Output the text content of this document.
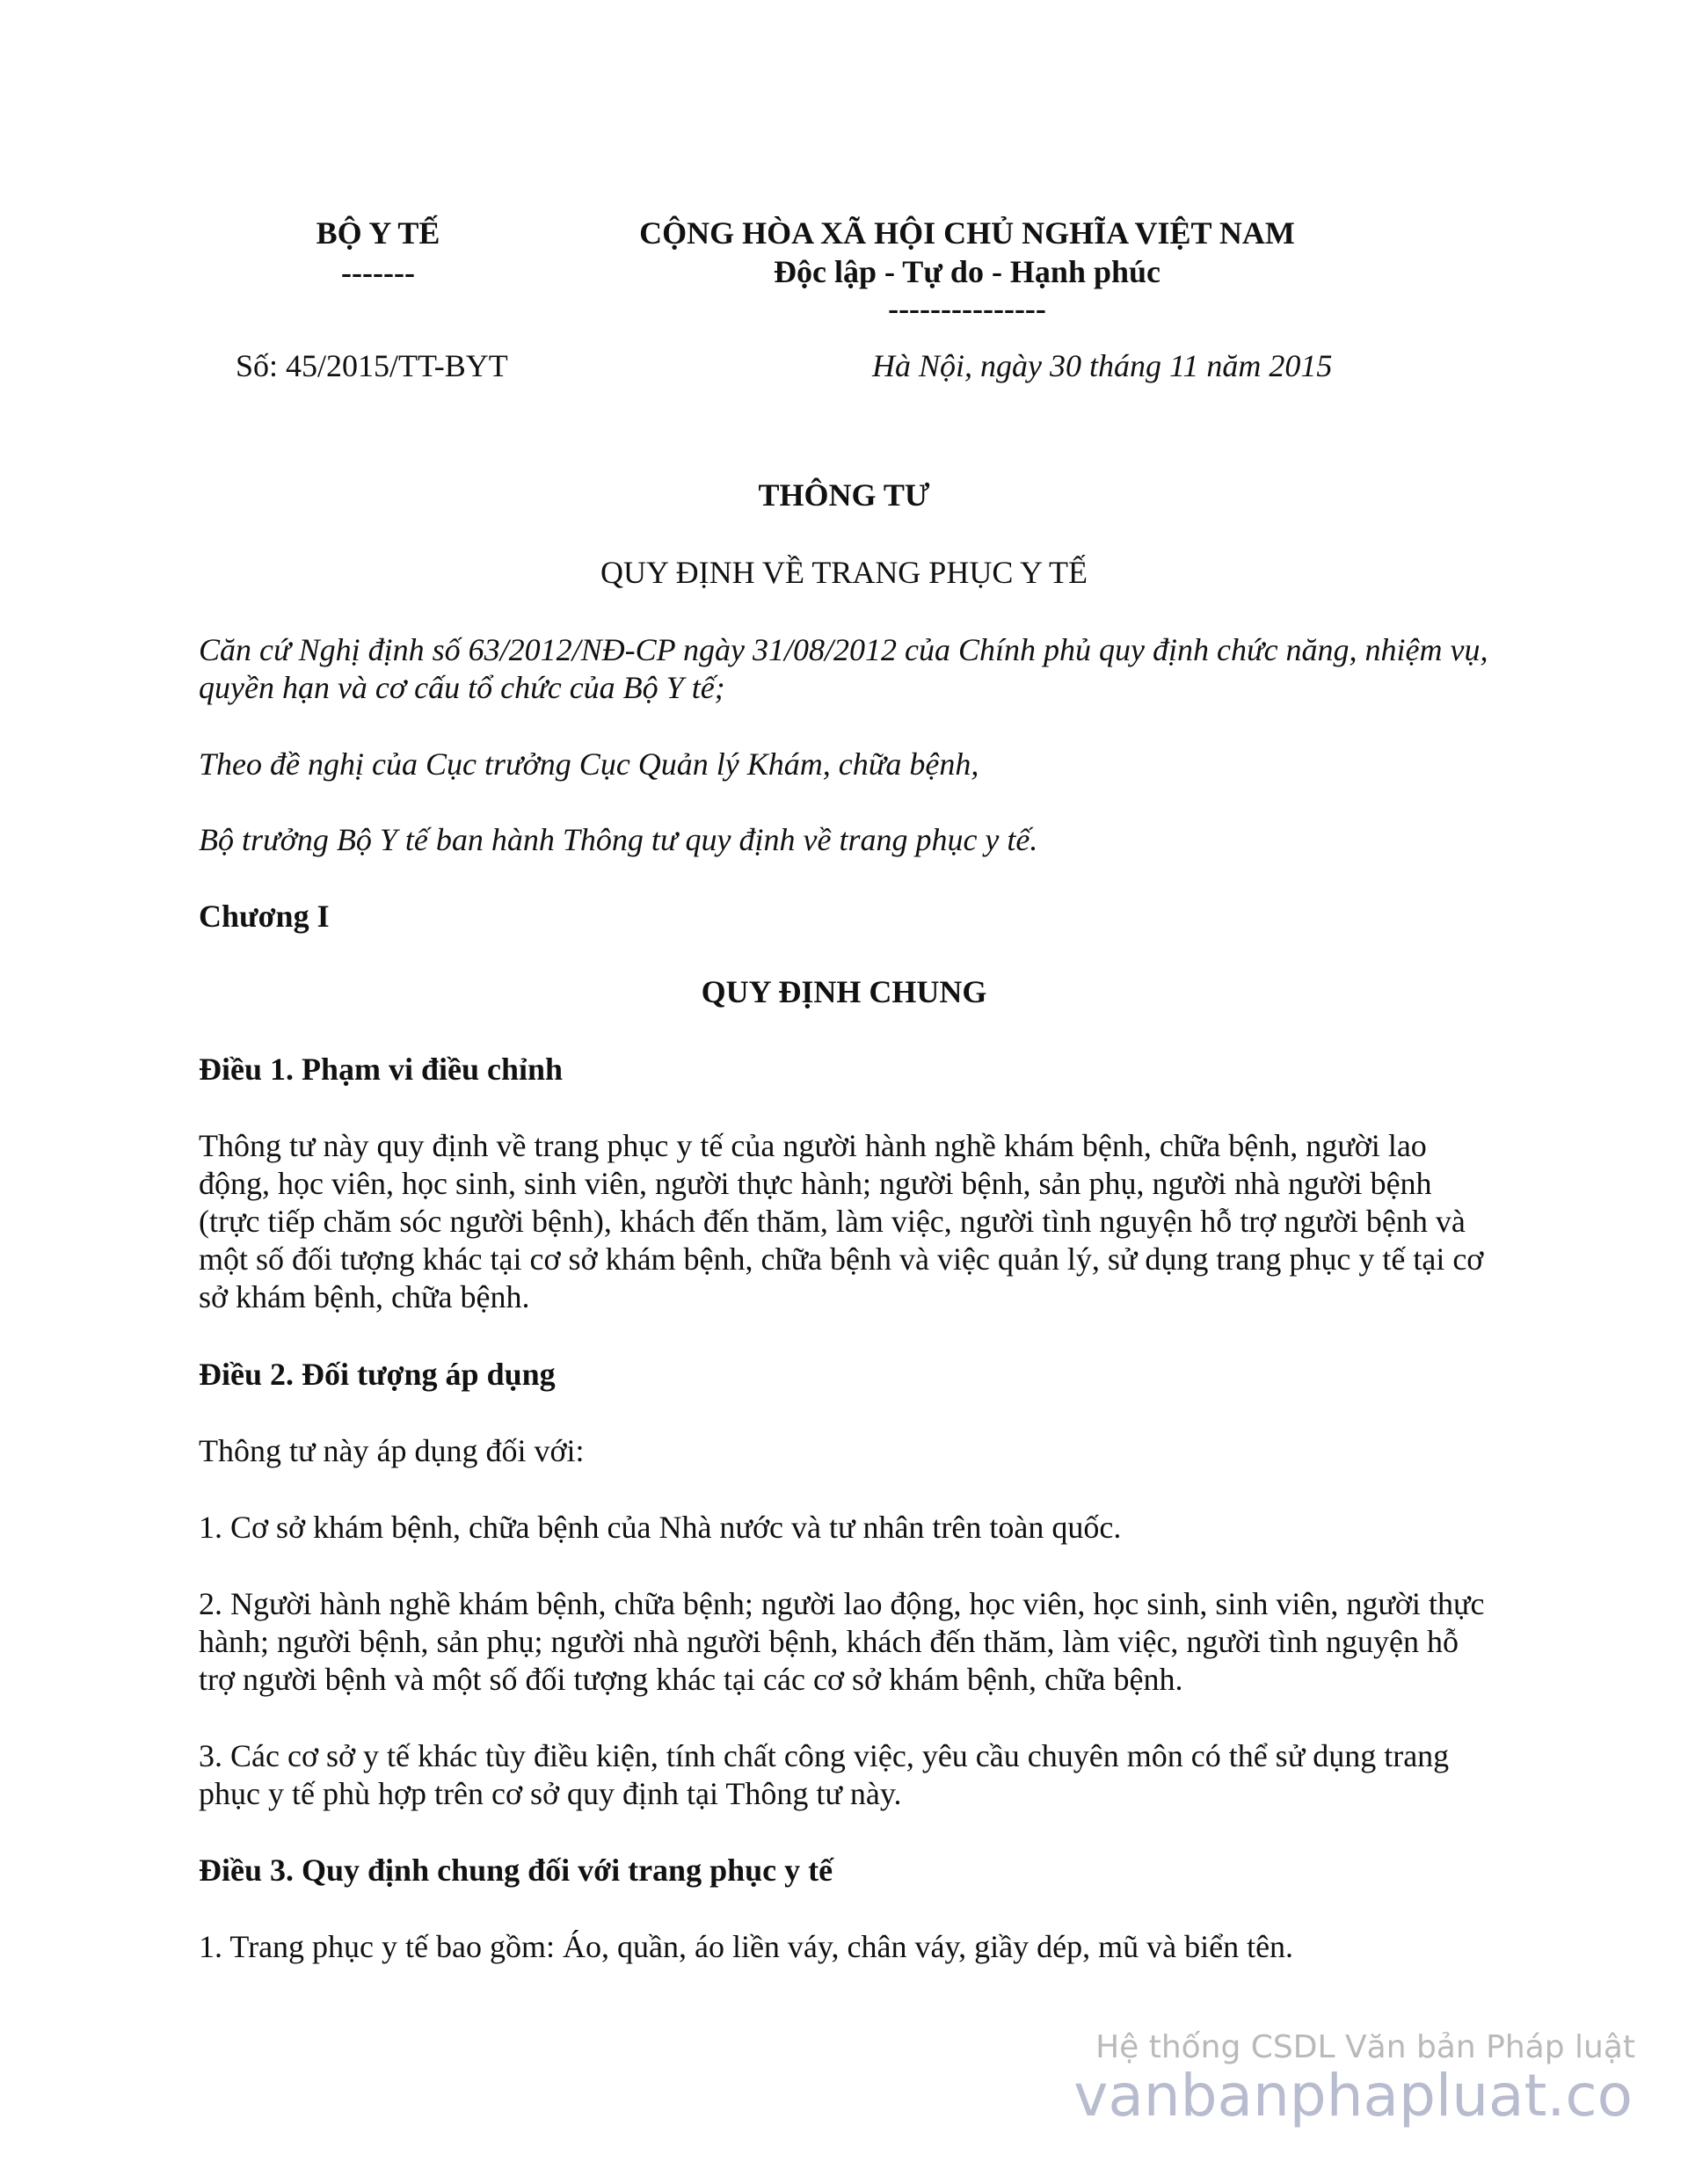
BỘ Y TẾ
-------
CỘNG HÒA XÃ HỘI CHỦ NGHĨA VIỆT NAM
Độc lập - Tự do - Hạnh phúc
---------------
Số: 45/2015/TT-BYT	Hà Nội, ngày 30 tháng 11 năm 2015
THÔNG TƯ
QUY ĐỊNH VỀ TRANG PHỤC Y TẾ
Căn cứ Nghị định số 63/2012/NĐ-CP ngày 31/08/2012 của Chính phủ quy định chức năng, nhiệm vụ, quyền hạn và cơ cấu tổ chức của Bộ Y tế;
Theo đề nghị của Cục trưởng Cục Quản lý Khám, chữa bệnh,
Bộ trưởng Bộ Y tế ban hành Thông tư quy định về trang phục y tế.
Chương I
QUY ĐỊNH CHUNG
Điều 1. Phạm vi điều chỉnh
Thông tư này quy định về trang phục y tế của người hành nghề khám bệnh, chữa bệnh, người lao động, học viên, học sinh, sinh viên, người thực hành; người bệnh, sản phụ, người nhà người bệnh (trực tiếp chăm sóc người bệnh), khách đến thăm, làm việc, người tình nguyện hỗ trợ người bệnh và một số đối tượng khác tại cơ sở khám bệnh, chữa bệnh và việc quản lý, sử dụng trang phục y tế tại cơ sở khám bệnh, chữa bệnh.
Điều 2. Đối tượng áp dụng
Thông tư này áp dụng đối với:
1. Cơ sở khám bệnh, chữa bệnh của Nhà nước và tư nhân trên toàn quốc.
2. Người hành nghề khám bệnh, chữa bệnh; người lao động, học viên, học sinh, sinh viên, người thực hành; người bệnh, sản phụ; người nhà người bệnh, khách đến thăm, làm việc, người tình nguyện hỗ trợ người bệnh và một số đối tượng khác tại các cơ sở khám bệnh, chữa bệnh.
3. Các cơ sở y tế khác tùy điều kiện, tính chất công việc, yêu cầu chuyên môn có thể sử dụng trang phục y tế phù hợp trên cơ sở quy định tại Thông tư này.
Điều 3. Quy định chung đối với trang phục y tế
1. Trang phục y tế bao gồm: Áo, quần, áo liền váy, chân váy, giầy dép, mũ và biển tên.
Hệ thống CSDL Văn bản Pháp luật
vanbanphapluat.co
